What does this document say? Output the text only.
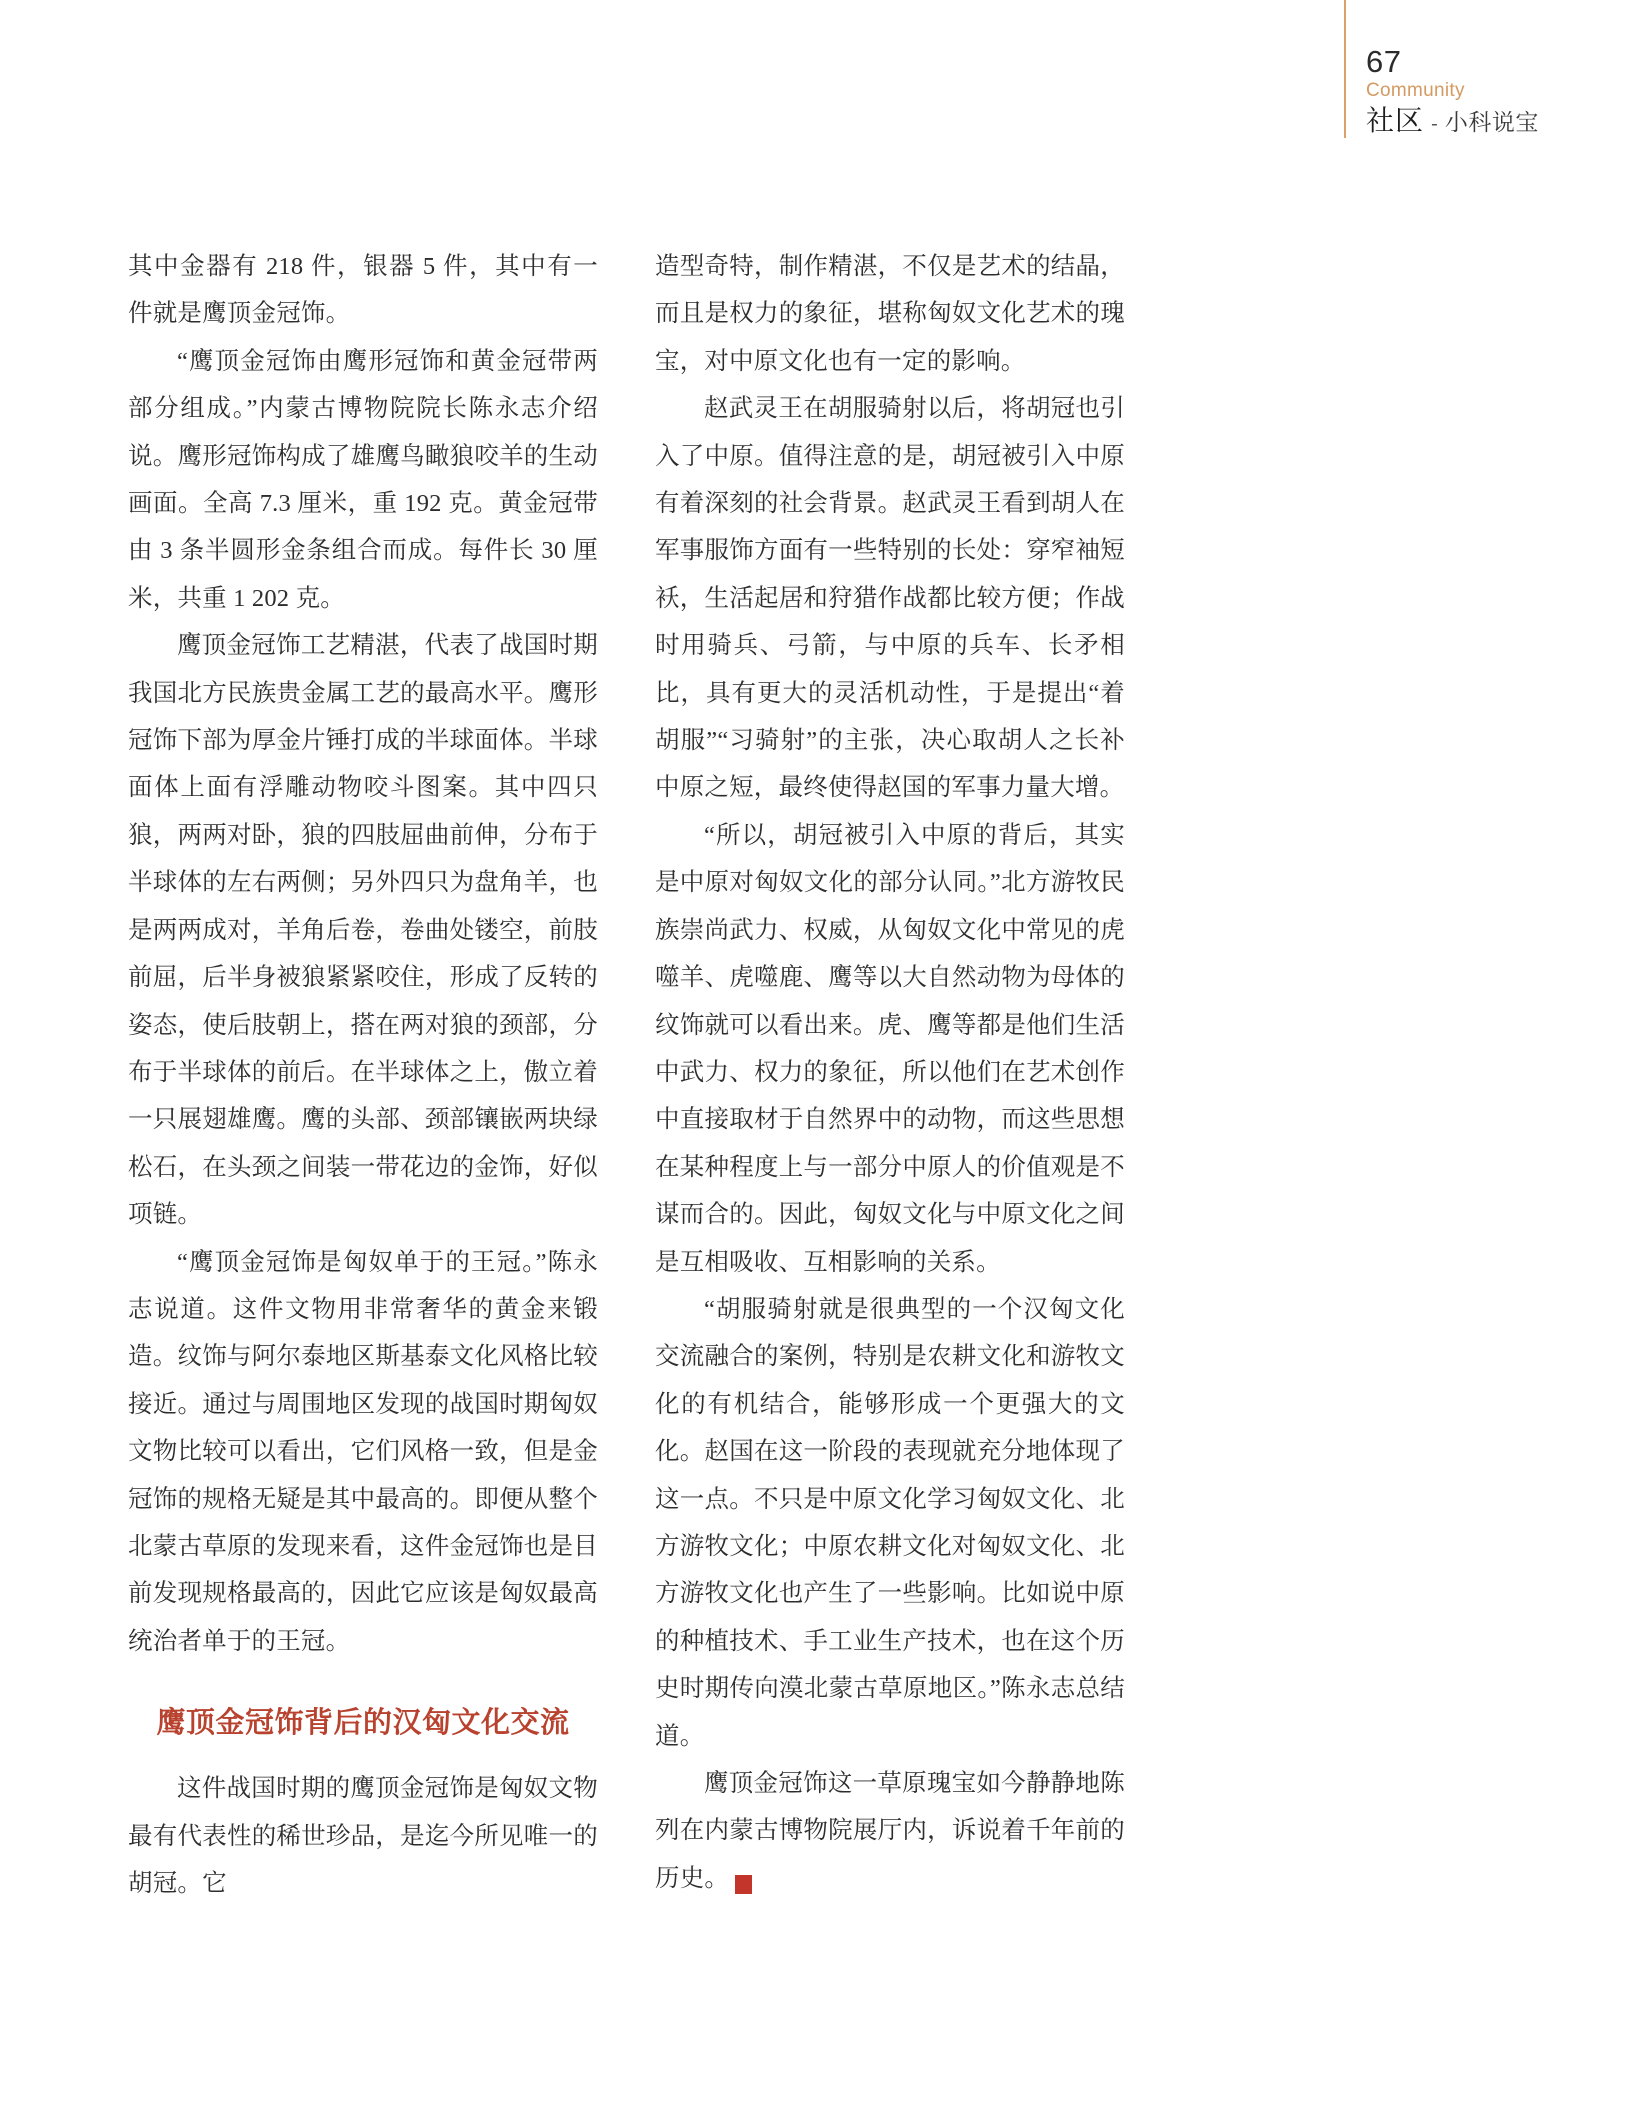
67
Community
社区 - 小科说宝

其中金器有 218 件，银器 5 件，其中有一件就是鹰顶金冠饰。

“鹰顶金冠饰由鹰形冠饰和黄金冠带两部分组成。”内蒙古博物院院长陈永志介绍说。鹰形冠饰构成了雄鹰鸟瞰狼咬羊的生动画面。全高 7.3 厘米，重 192 克。黄金冠带由 3 条半圆形金条组合而成。每件长 30 厘米，共重 1 202 克。

鹰顶金冠饰工艺精湛，代表了战国时期我国北方民族贵金属工艺的最高水平。鹰形冠饰下部为厚金片锤打成的半球面体。半球面体上面有浮雕动物咬斗图案。其中四只狼，两两对卧，狼的四肢屈曲前伸，分布于半球体的左右两侧；另外四只为盘角羊，也是两两成对，羊角后卷，卷曲处镂空，前肢前屈，后半身被狼紧紧咬住，形成了反转的姿态，使后肢朝上，搭在两对狼的颈部，分布于半球体的前后。在半球体之上，傲立着一只展翅雄鹰。鹰的头部、颈部镶嵌两块绿松石，在头颈之间装一带花边的金饰，好似项链。

“鹰顶金冠饰是匈奴单于的王冠。”陈永志说道。这件文物用非常奢华的黄金来锻造。纹饰与阿尔泰地区斯基泰文化风格比较接近。通过与周围地区发现的战国时期匈奴文物比较可以看出，它们风格一致，但是金冠饰的规格无疑是其中最高的。即便从整个北蒙古草原的发现来看，这件金冠饰也是目前发现规格最高的，因此它应该是匈奴最高统治者单于的王冠。

鹰顶金冠饰背后的汉匈文化交流

这件战国时期的鹰顶金冠饰是匈奴文物最有代表性的稀世珍品，是迄今所见唯一的胡冠。它

造型奇特，制作精湛，不仅是艺术的结晶，而且是权力的象征，堪称匈奴文化艺术的瑰宝，对中原文化也有一定的影响。

赵武灵王在胡服骑射以后，将胡冠也引入了中原。值得注意的是，胡冠被引入中原有着深刻的社会背景。赵武灵王看到胡人在军事服饰方面有一些特别的长处：穿窄袖短袄，生活起居和狩猎作战都比较方便；作战时用骑兵、弓箭，与中原的兵车、长矛相比，具有更大的灵活机动性，于是提出“着胡服”“习骑射”的主张，决心取胡人之长补中原之短，最终使得赵国的军事力量大增。

“所以，胡冠被引入中原的背后，其实是中原对匈奴文化的部分认同。”北方游牧民族崇尚武力、权威，从匈奴文化中常见的虎噬羊、虎噬鹿、鹰等以大自然动物为母体的纹饰就可以看出来。虎、鹰等都是他们生活中武力、权力的象征，所以他们在艺术创作中直接取材于自然界中的动物，而这些思想在某种程度上与一部分中原人的价值观是不谋而合的。因此，匈奴文化与中原文化之间是互相吸收、互相影响的关系。

“胡服骑射就是很典型的一个汉匈文化交流融合的案例，特别是农耕文化和游牧文化的有机结合，能够形成一个更强大的文化。赵国在这一阶段的表现就充分地体现了这一点。不只是中原文化学习匈奴文化、北方游牧文化；中原农耕文化对匈奴文化、北方游牧文化也产生了一些影响。比如说中原的种植技术、手工业生产技术，也在这个历史时期传向漠北蒙古草原地区。”陈永志总结道。

鹰顶金冠饰这一草原瑰宝如今静静地陈列在内蒙古博物院展厅内，诉说着千年前的历史。	S
